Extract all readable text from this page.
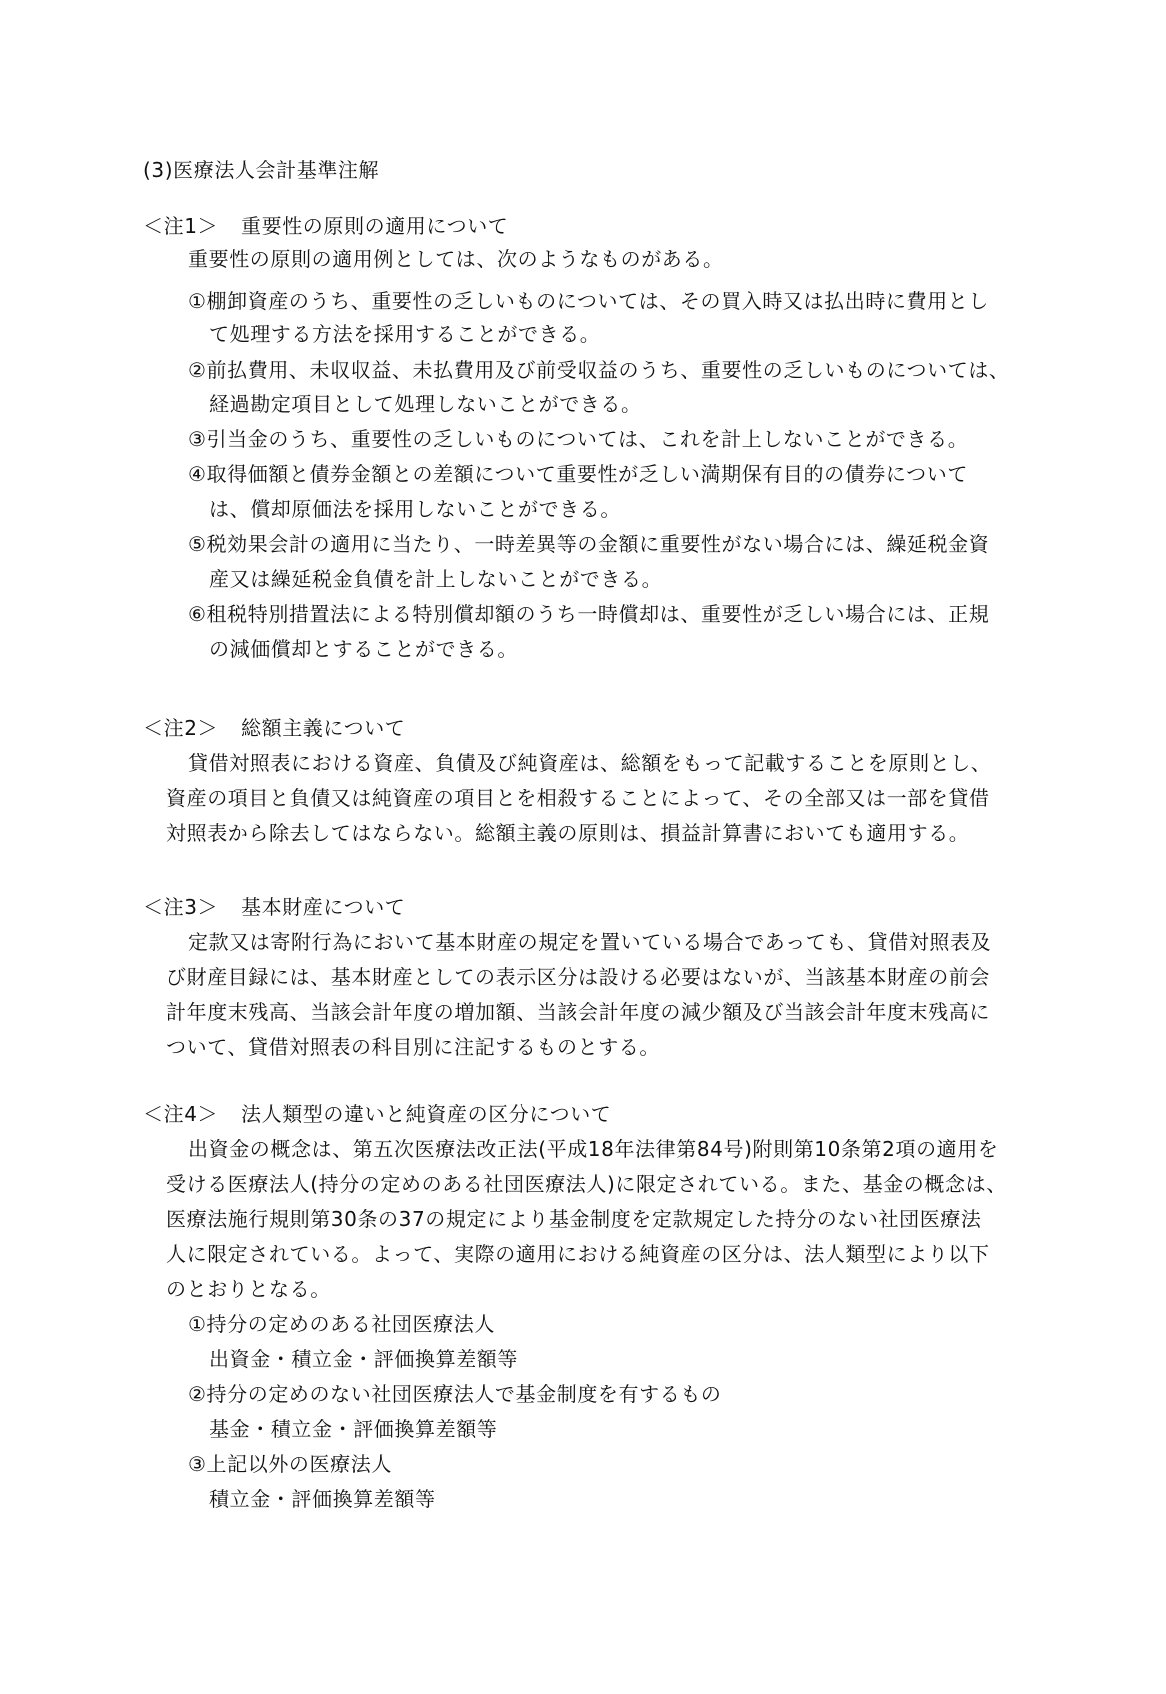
(3)医療法人会計基準注解
＜注1＞ 重要性の原則の適用について
重要性の原則の適用例としては、次のようなものがある。
①棚卸資産のうち、重要性の乏しいものについては、その買入時又は払出時に費用とし
て処理する方法を採用することができる。
②前払費用、未収収益、未払費用及び前受収益のうち、重要性の乏しいものについては、
経過勘定項目として処理しないことができる。
③引当金のうち、重要性の乏しいものについては、これを計上しないことができる。
④取得価額と債券金額との差額について重要性が乏しい満期保有目的の債券について
は、償却原価法を採用しないことができる。
⑤税効果会計の適用に当たり、一時差異等の金額に重要性がない場合には、繰延税金資
産又は繰延税金負債を計上しないことができる。
⑥租税特別措置法による特別償却額のうち一時償却は、重要性が乏しい場合には、正規
の減価償却とすることができる。
＜注2＞ 総額主義について
貸借対照表における資産、負債及び純資産は、総額をもって記載することを原則とし、
資産の項目と負債又は純資産の項目とを相殺することによって、その全部又は一部を貸借
対照表から除去してはならない。総額主義の原則は、損益計算書においても適用する。
＜注3＞ 基本財産について
定款又は寄附行為において基本財産の規定を置いている場合であっても、貸借対照表及
び財産目録には、基本財産としての表示区分は設ける必要はないが、当該基本財産の前会
計年度末残高、当該会計年度の増加額、当該会計年度の減少額及び当該会計年度末残高に
ついて、貸借対照表の科目別に注記するものとする。
＜注4＞ 法人類型の違いと純資産の区分について
出資金の概念は、第五次医療法改正法(平成18年法律第84号)附則第10条第2項の適用を
受ける医療法人(持分の定めのある社団医療法人)に限定されている。また、基金の概念は、
医療法施行規則第30条の37の規定により基金制度を定款規定した持分のない社団医療法
人に限定されている。よって、実際の適用における純資産の区分は、法人類型により以下
のとおりとなる。
①持分の定めのある社団医療法人
出資金・積立金・評価換算差額等
②持分の定めのない社団医療法人で基金制度を有するもの
基金・積立金・評価換算差額等
③上記以外の医療法人
積立金・評価換算差額等
